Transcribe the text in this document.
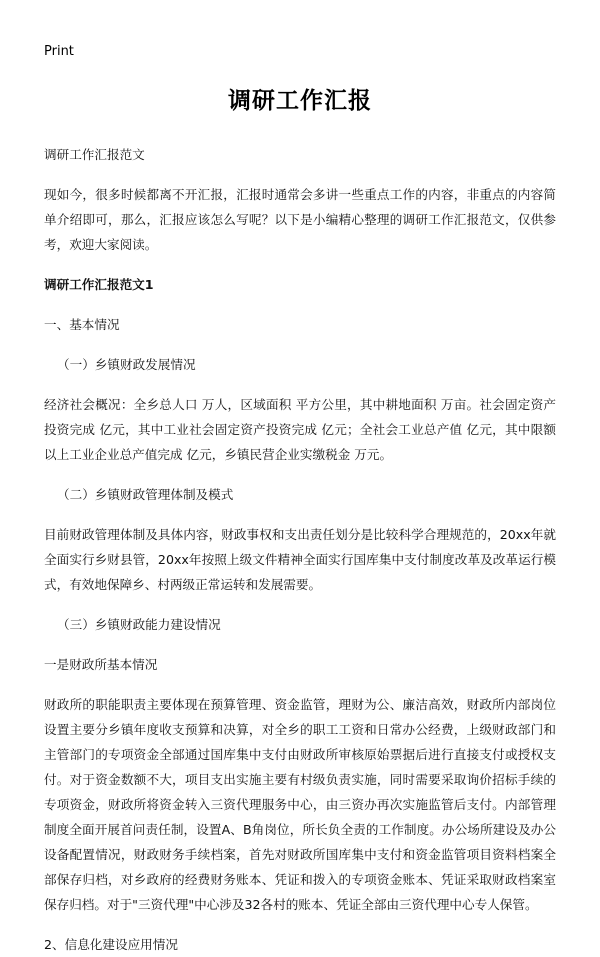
Print
调研工作汇报

调研工作汇报范文

现如今，很多时候都离不开汇报，汇报时通常会多讲一些重点工作的内容，非重点的内容简单介绍即可，那么，汇报应该怎么写呢？以下是小编精心整理的调研工作汇报范文，仅供参考，欢迎大家阅读。

调研工作汇报范文1

一、基本情况

（一）乡镇财政发展情况

经济社会概况：全乡总人口 万人，区域面积 平方公里，其中耕地面积 万亩。社会固定资产投资完成 亿元，其中工业社会固定资产投资完成 亿元；全社会工业总产值 亿元，其中限额以上工业企业总产值完成 亿元，乡镇民营企业实缴税金 万元。

（二）乡镇财政管理体制及模式

目前财政管理体制及具体内容，财政事权和支出责任划分是比较科学合理规范的，20xx年就全面实行乡财县管，20xx年按照上级文件精神全面实行国库集中支付制度改革及改革运行模式，有效地保障乡、村两级正常运转和发展需要。

（三）乡镇财政能力建设情况

一是财政所基本情况

财政所的职能职责主要体现在预算管理、资金监管，理财为公、廉洁高效，财政所内部岗位设置主要分乡镇年度收支预算和决算，对全乡的职工工资和日常办公经费，上级财政部门和主管部门的专项资金全部通过国库集中支付由财政所审核原始票据后进行直接支付或授权支付。对于资金数额不大，项目支出实施主要有村级负责实施，同时需要采取询价招标手续的专项资金，财政所将资金转入三资代理服务中心，由三资办再次实施监管后支付。内部管理制度全面开展首问责任制，设置A、B角岗位，所长负全责的工作制度。办公场所建设及办公设备配置情况，财政财务手续档案，首先对财政所国库集中支付和资金监管项目资料档案全部保存归档，对乡政府的经费财务账本、凭证和拨入的专项资金账本、凭证采取财政档案室保存归档。对于"三资代理"中心涉及32各村的账本、凭证全部由三资代理中心专人保管。

2、信息化建设应用情况
